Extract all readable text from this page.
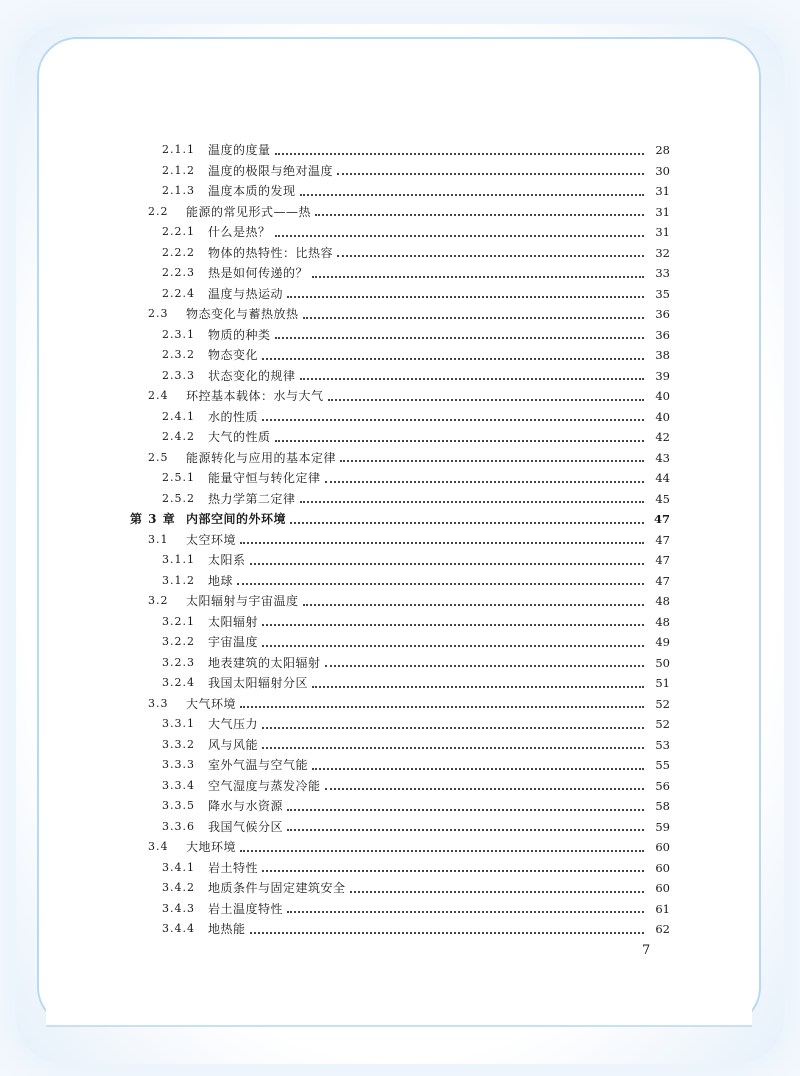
2.1.1	温度的度量	28
2.1.2	温度的极限与绝对温度	30
2.1.3	温度本质的发现	31
2.2	能源的常见形式——热	31
2.2.1	什么是热？	31
2.2.2	物体的热特性：比热容	32
2.2.3	热是如何传递的？	33
2.2.4	温度与热运动	35
2.3	物态变化与蓄热放热	36
2.3.1	物质的种类	36
2.3.2	物态变化	38
2.3.3	状态变化的规律	39
2.4	环控基本载体：水与大气	40
2.4.1	水的性质	40
2.4.2	大气的性质	42
2.5	能源转化与应用的基本定律	43
2.5.1	能量守恒与转化定律	44
2.5.2	热力学第二定律	45
第 3 章 内部空间的外环境	47
3.1	太空环境	47
3.1.1	太阳系	47
3.1.2	地球	47
3.2	太阳辐射与宇宙温度	48
3.2.1	太阳辐射	48
3.2.2	宇宙温度	49
3.2.3	地表建筑的太阳辐射	50
3.2.4	我国太阳辐射分区	51
3.3	大气环境	52
3.3.1	大气压力	52
3.3.2	风与风能	53
3.3.3	室外气温与空气能	55
3.3.4	空气湿度与蒸发冷能	56
3.3.5	降水与水资源	58
3.3.6	我国气候分区	59
3.4	大地环境	60
3.4.1	岩土特性	60
3.4.2	地质条件与固定建筑安全	60
3.4.3	岩土温度特性	61
3.4.4	地热能	62
7
